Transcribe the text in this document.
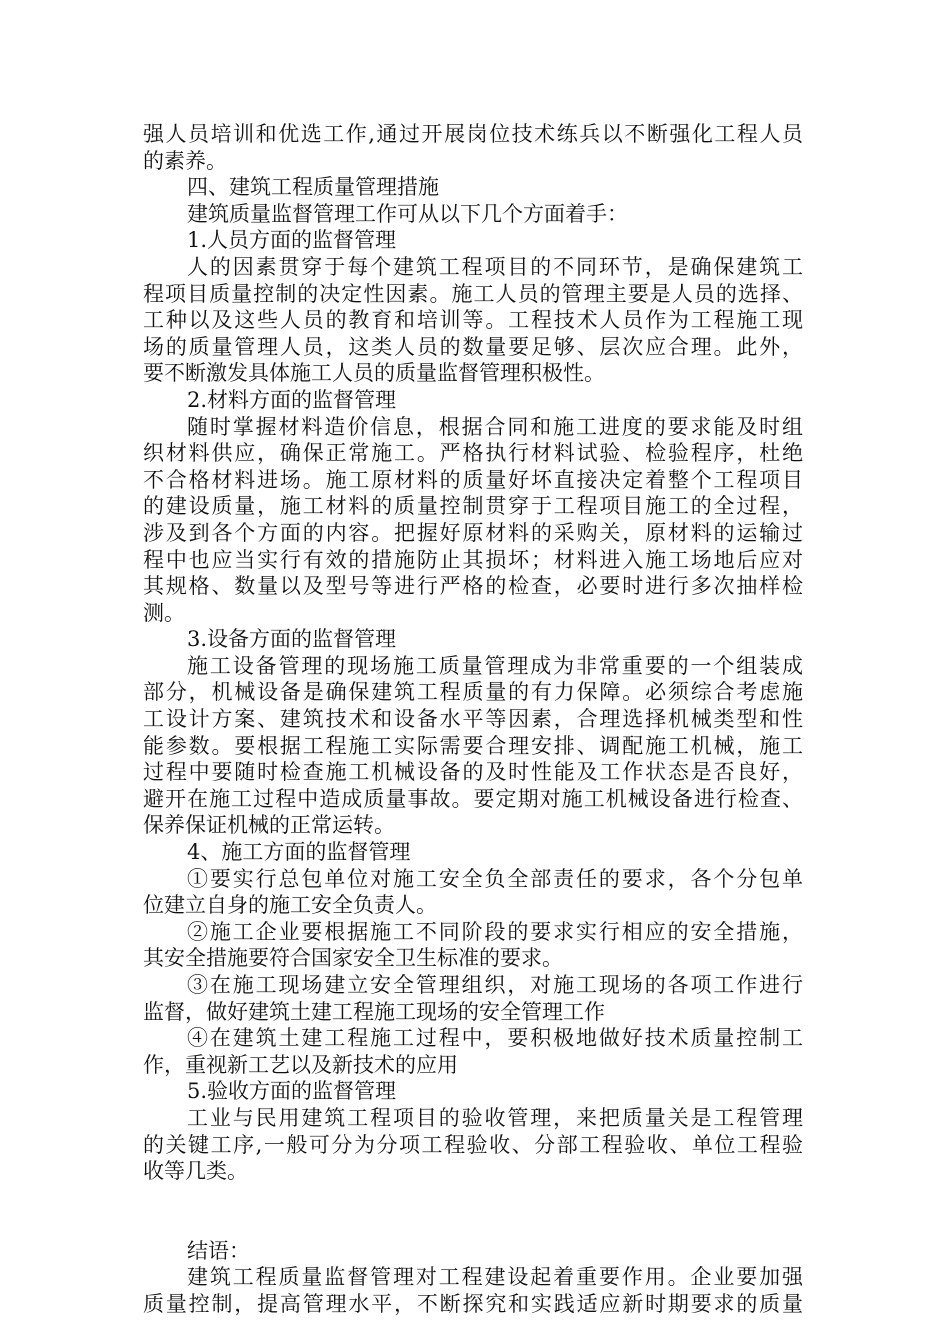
强人员培训和优选工作,通过开展岗位技术练兵以不断强化工程人员
的素养。
四、建筑工程质量管理措施
建筑质量监督管理工作可从以下几个方面着手：
1.人员方面的监督管理
人的因素贯穿于每个建筑工程项目的不同环节，是确保建筑工
程项目质量控制的决定性因素。施工人员的管理主要是人员的选择、
工种以及这些人员的教育和培训等。工程技术人员作为工程施工现
场的质量管理人员，这类人员的数量要足够、层次应合理。此外，
要不断激发具体施工人员的质量监督管理积极性。
2.材料方面的监督管理
随时掌握材料造价信息，根据合同和施工进度的要求能及时组
织材料供应，确保正常施工。严格执行材料试验、检验程序，杜绝
不合格材料进场。施工原材料的质量好坏直接决定着整个工程项目
的建设质量，施工材料的质量控制贯穿于工程项目施工的全过程，
涉及到各个方面的内容。把握好原材料的采购关，原材料的运输过
程中也应当实行有效的措施防止其损坏；材料进入施工场地后应对
其规格、数量以及型号等进行严格的检查，必要时进行多次抽样检
测。
3.设备方面的监督管理
施工设备管理的现场施工质量管理成为非常重要的一个组装成
部分，机械设备是确保建筑工程质量的有力保障。必须综合考虑施
工设计方案、建筑技术和设备水平等因素，合理选择机械类型和性
能参数。要根据工程施工实际需要合理安排、调配施工机械，施工
过程中要随时检查施工机械设备的及时性能及工作状态是否良好，
避开在施工过程中造成质量事故。要定期对施工机械设备进行检查、
保养保证机械的正常运转。
4、施工方面的监督管理
①要实行总包单位对施工安全负全部责任的要求，各个分包单
位建立自身的施工安全负责人。
②施工企业要根据施工不同阶段的要求实行相应的安全措施，
其安全措施要符合国家安全卫生标准的要求。
③在施工现场建立安全管理组织，对施工现场的各项工作进行
监督，做好建筑土建工程施工现场的安全管理工作
④在建筑土建工程施工过程中，要积极地做好技术质量控制工
作，重视新工艺以及新技术的应用
5.验收方面的监督管理
工业与民用建筑工程项目的验收管理，来把质量关是工程管理
的关键工序,一般可分为分项工程验收、分部工程验收、单位工程验
收等几类。
结语：
建筑工程质量监督管理对工程建设起着重要作用。企业要加强
质量控制，提高管理水平，不断探究和实践适应新时期要求的质量
